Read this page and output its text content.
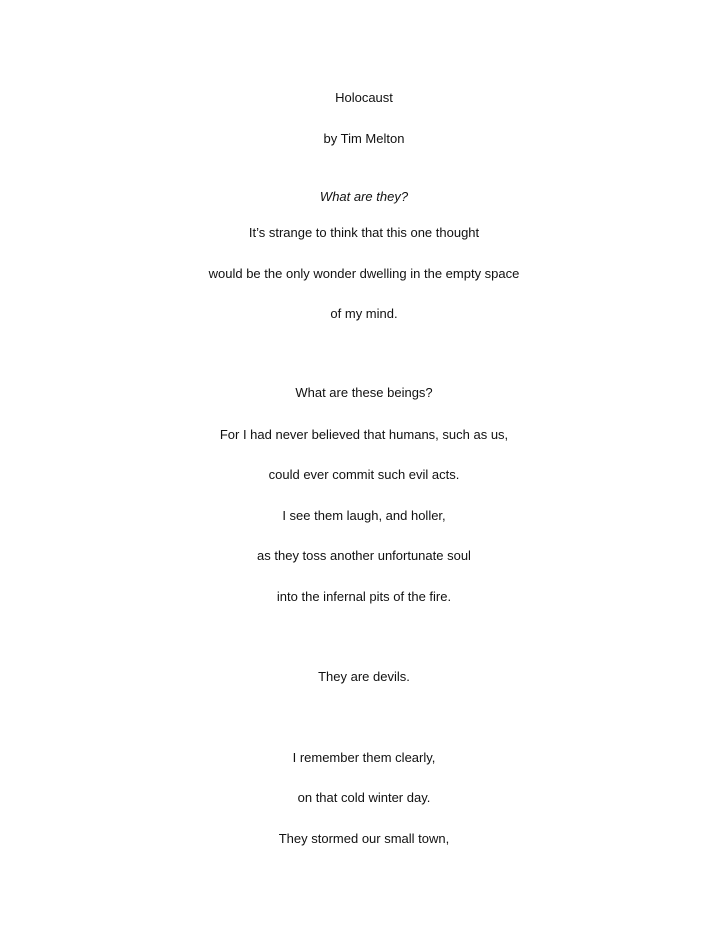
Holocaust
by Tim Melton
What are they?
It’s strange to think that this one thought
would be the only wonder dwelling in the empty space
of my mind.
What are these beings?
For I had never believed that humans, such as us,
could ever commit such evil acts.
I see them laugh, and holler,
as they toss another unfortunate soul
into the infernal pits of the fire.
They are devils.
I remember them clearly,
on that cold winter day.
They stormed our small town,
